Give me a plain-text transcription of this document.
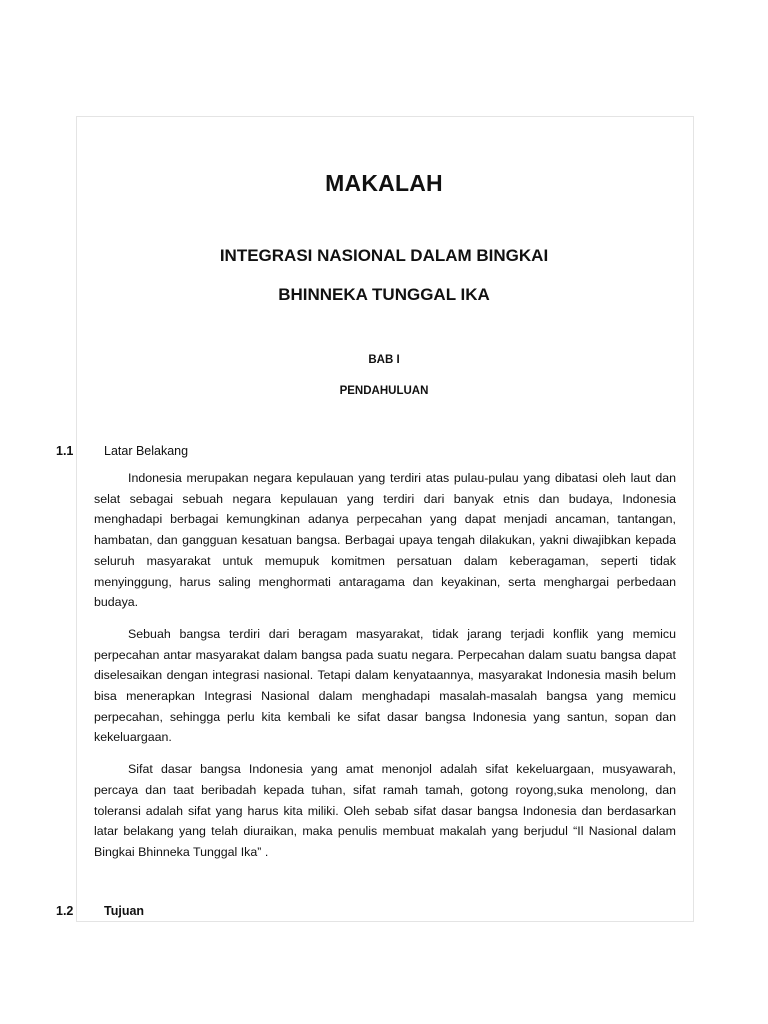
MAKALAH
INTEGRASI NASIONAL DALAM BINGKAI
BHINNEKA TUNGGAL IKA
BAB I
PENDAHULUAN
1.1	Latar Belakang

Indonesia merupakan negara kepulauan yang terdiri atas pulau-pulau yang dibatasi oleh laut dan selat sebagai sebuah negara kepulauan yang terdiri dari banyak etnis dan budaya, Indonesia menghadapi berbagai kemungkinan adanya perpecahan yang dapat menjadi ancaman, tantangan, hambatan, dan gangguan kesatuan bangsa. Berbagai upaya tengah dilakukan, yakni diwajibkan kepada seluruh masyarakat untuk memupuk komitmen persatuan dalam keberagaman, seperti tidak menyinggung, harus saling menghormati antaragama dan keyakinan, serta menghargai perbedaan budaya.

Sebuah bangsa terdiri dari beragam masyarakat, tidak jarang terjadi konflik yang memicu perpecahan antar masyarakat dalam bangsa pada suatu negara. Perpecahan dalam suatu bangsa dapat diselesaikan dengan integrasi nasional. Tetapi dalam kenyataannya, masyarakat Indonesia masih belum bisa menerapkan Integrasi Nasional dalam menghadapi masalah-masalah bangsa yang memicu perpecahan, sehingga perlu kita kembali ke sifat dasar bangsa Indonesia yang santun, sopan dan kekeluargaan.

Sifat dasar bangsa Indonesia yang amat menonjol adalah sifat kekeluargaan, musyawarah, percaya dan taat beribadah kepada tuhan, sifat ramah tamah, gotong royong,suka menolong, dan toleransi adalah sifat yang harus kita miliki. Oleh sebab sifat dasar bangsa Indonesia dan berdasarkan latar belakang yang telah diuraikan, maka penulis membuat makalah yang berjudul “Il Nasional dalam Bingkai Bhinneka Tunggal Ika” .

1.2	Tujuan
